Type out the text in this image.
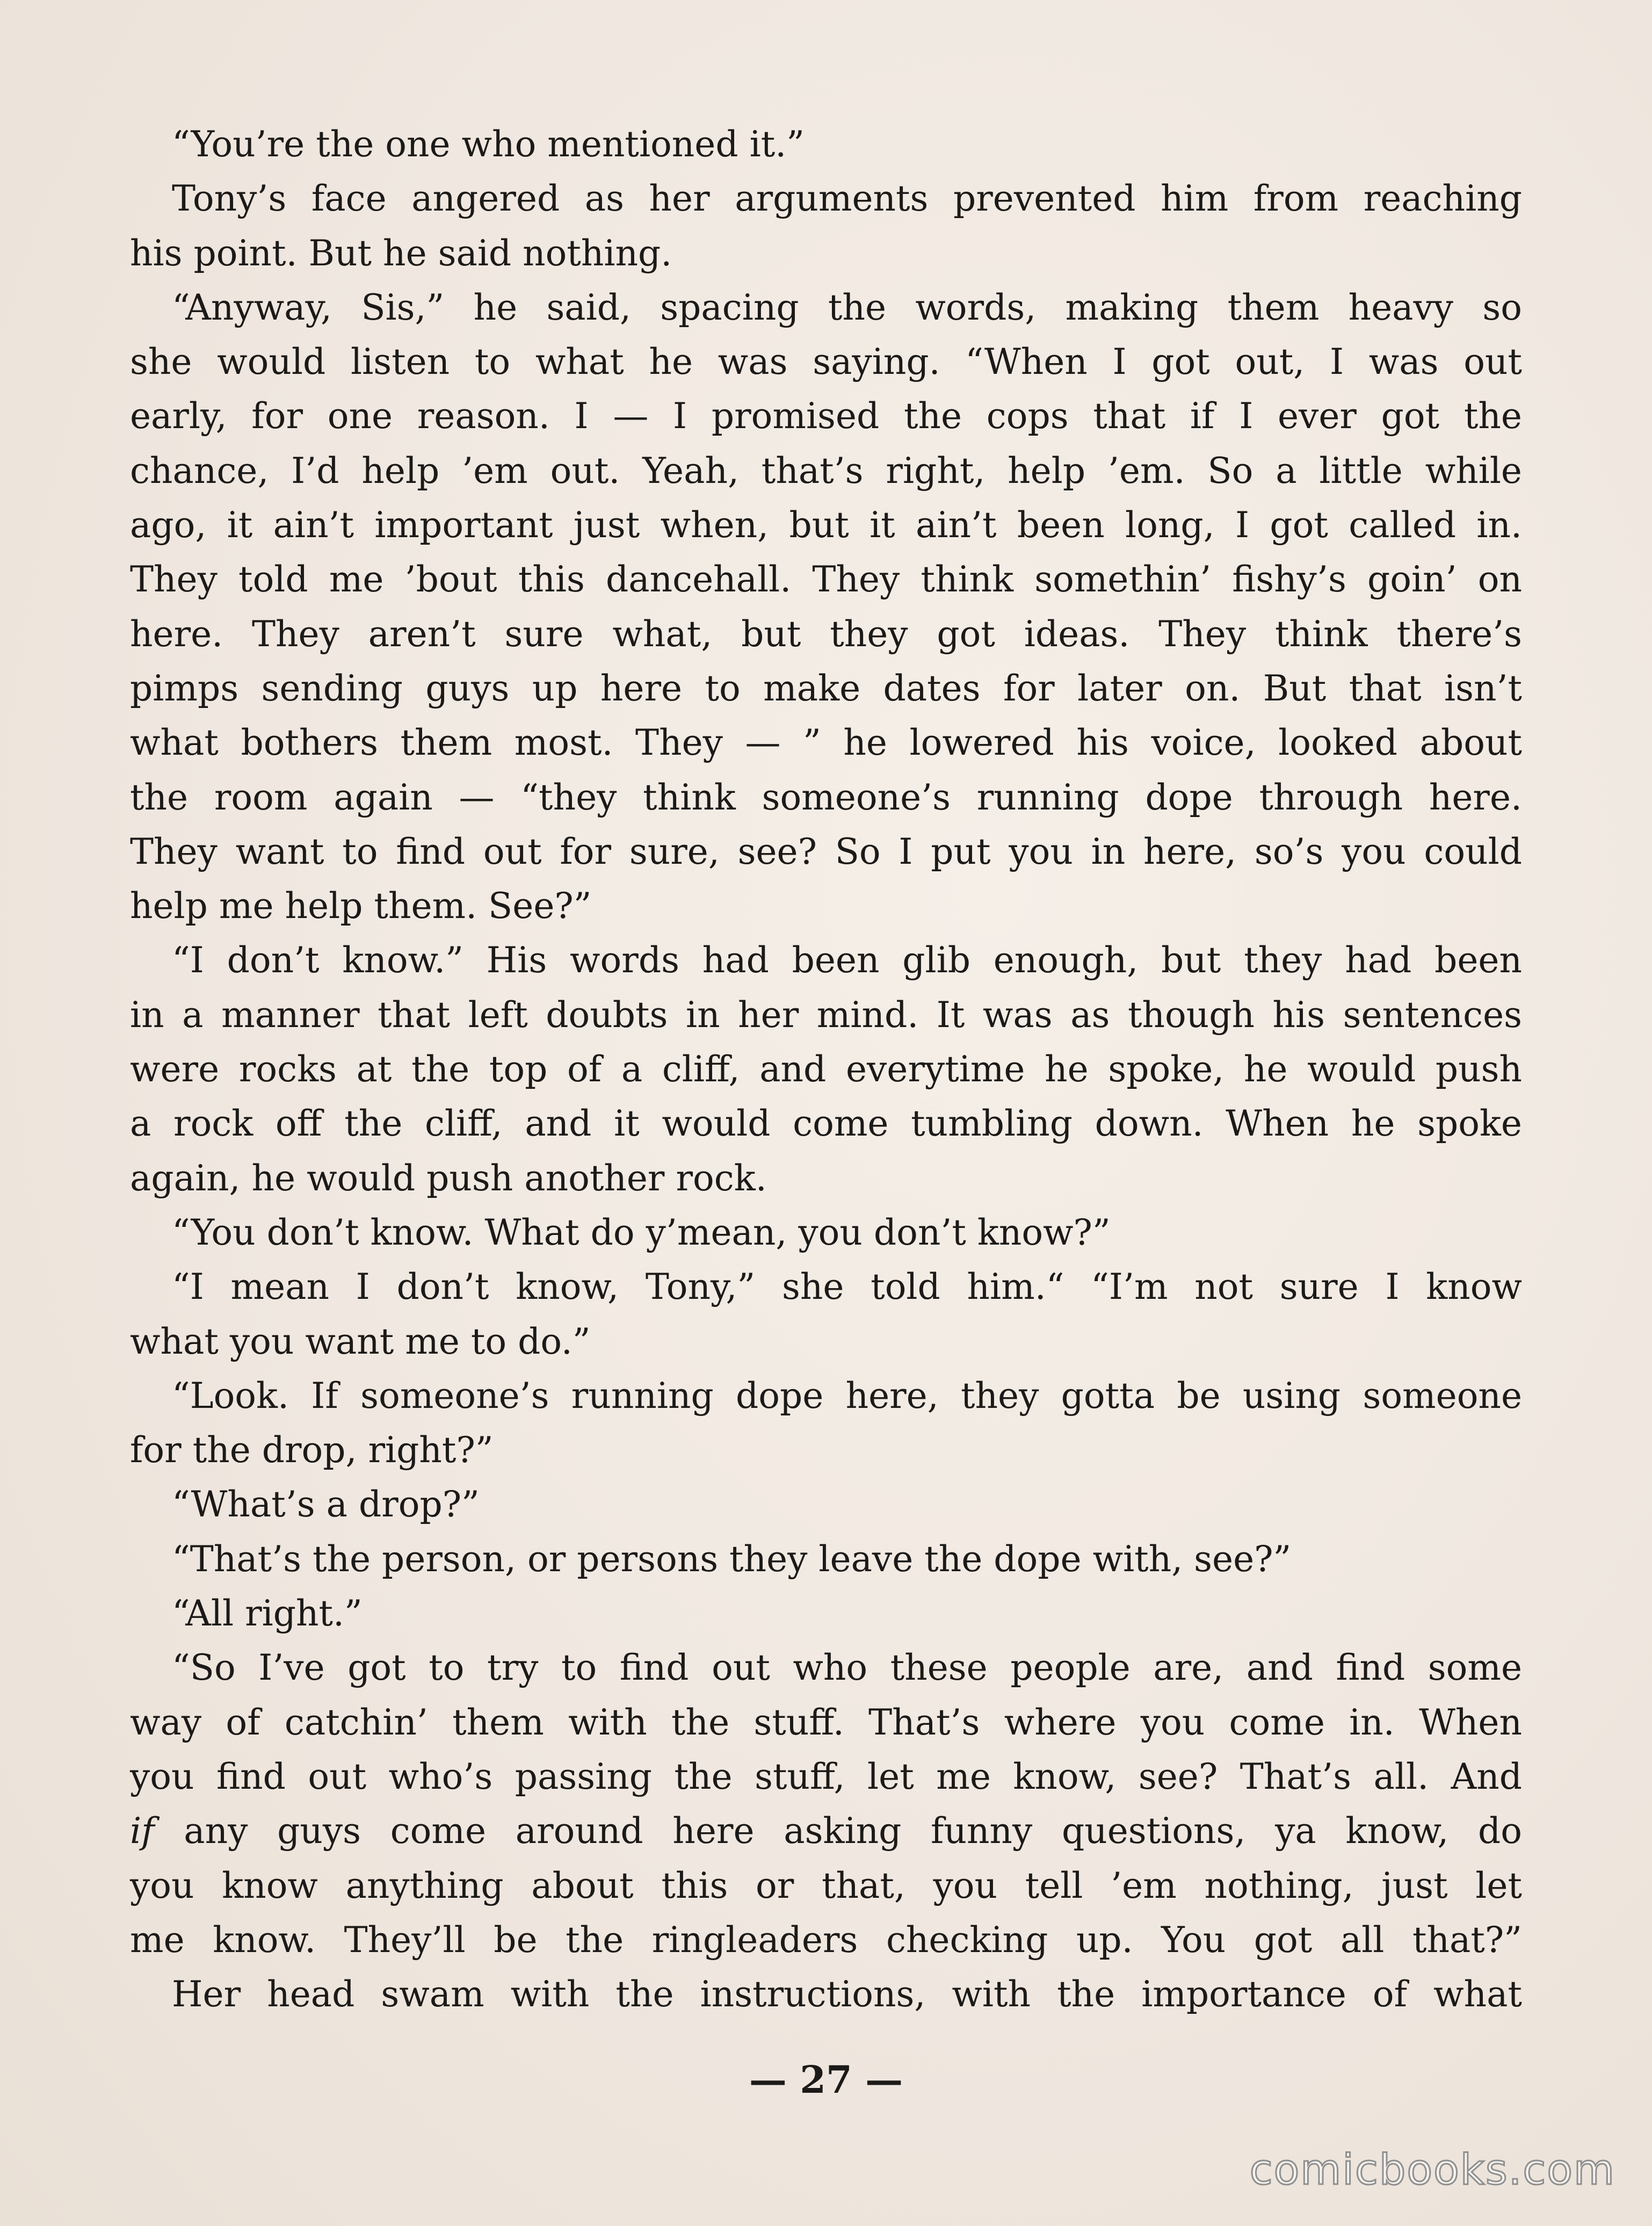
“You’re the one who mentioned it.”
Tony’s face angered as her arguments prevented him from reaching
his point. But he said nothing.
“Anyway, Sis,” he said, spacing the words, making them heavy so
she would listen to what he was saying. “When I got out, I was out
early, for one reason. I — I promised the cops that if I ever got the
chance, I’d help ’em out. Yeah, that’s right, help ’em. So a little while
ago, it ain’t important just when, but it ain’t been long, I got called in.
They told me ’bout this dancehall. They think somethin’ fishy’s goin’ on
here. They aren’t sure what, but they got ideas. They think there’s
pimps sending guys up here to make dates for later on. But that isn’t
what bothers them most. They — ” he lowered his voice, looked about
the room again — “they think someone’s running dope through here.
They want to find out for sure, see? So I put you in here, so’s you could
help me help them. See?”
“I don’t know.” His words had been glib enough, but they had been
in a manner that left doubts in her mind. It was as though his sentences
were rocks at the top of a cliff, and everytime he spoke, he would push
a rock off the cliff, and it would come tumbling down. When he spoke
again, he would push another rock.
“You don’t know. What do y’mean, you don’t know?”
“I mean I don’t know, Tony,” she told him.“ “I’m not sure I know
what you want me to do.”
“Look. If someone’s running dope here, they gotta be using someone
for the drop, right?”
“What’s a drop?”
“That’s the person, or persons they leave the dope with, see?”
“All right.”
“So I’ve got to try to find out who these people are, and find some
way of catchin’ them with the stuff. That’s where you come in. When
you find out who’s passing the stuff, let me know, see? That’s all. And
if any guys come around here asking funny questions, ya know, do
you know anything about this or that, you tell ’em nothing, just let
me know. They’ll be the ringleaders checking up. You got all that?”
Her head swam with the instructions, with the importance of what
— 27 —
comicbooks.com
